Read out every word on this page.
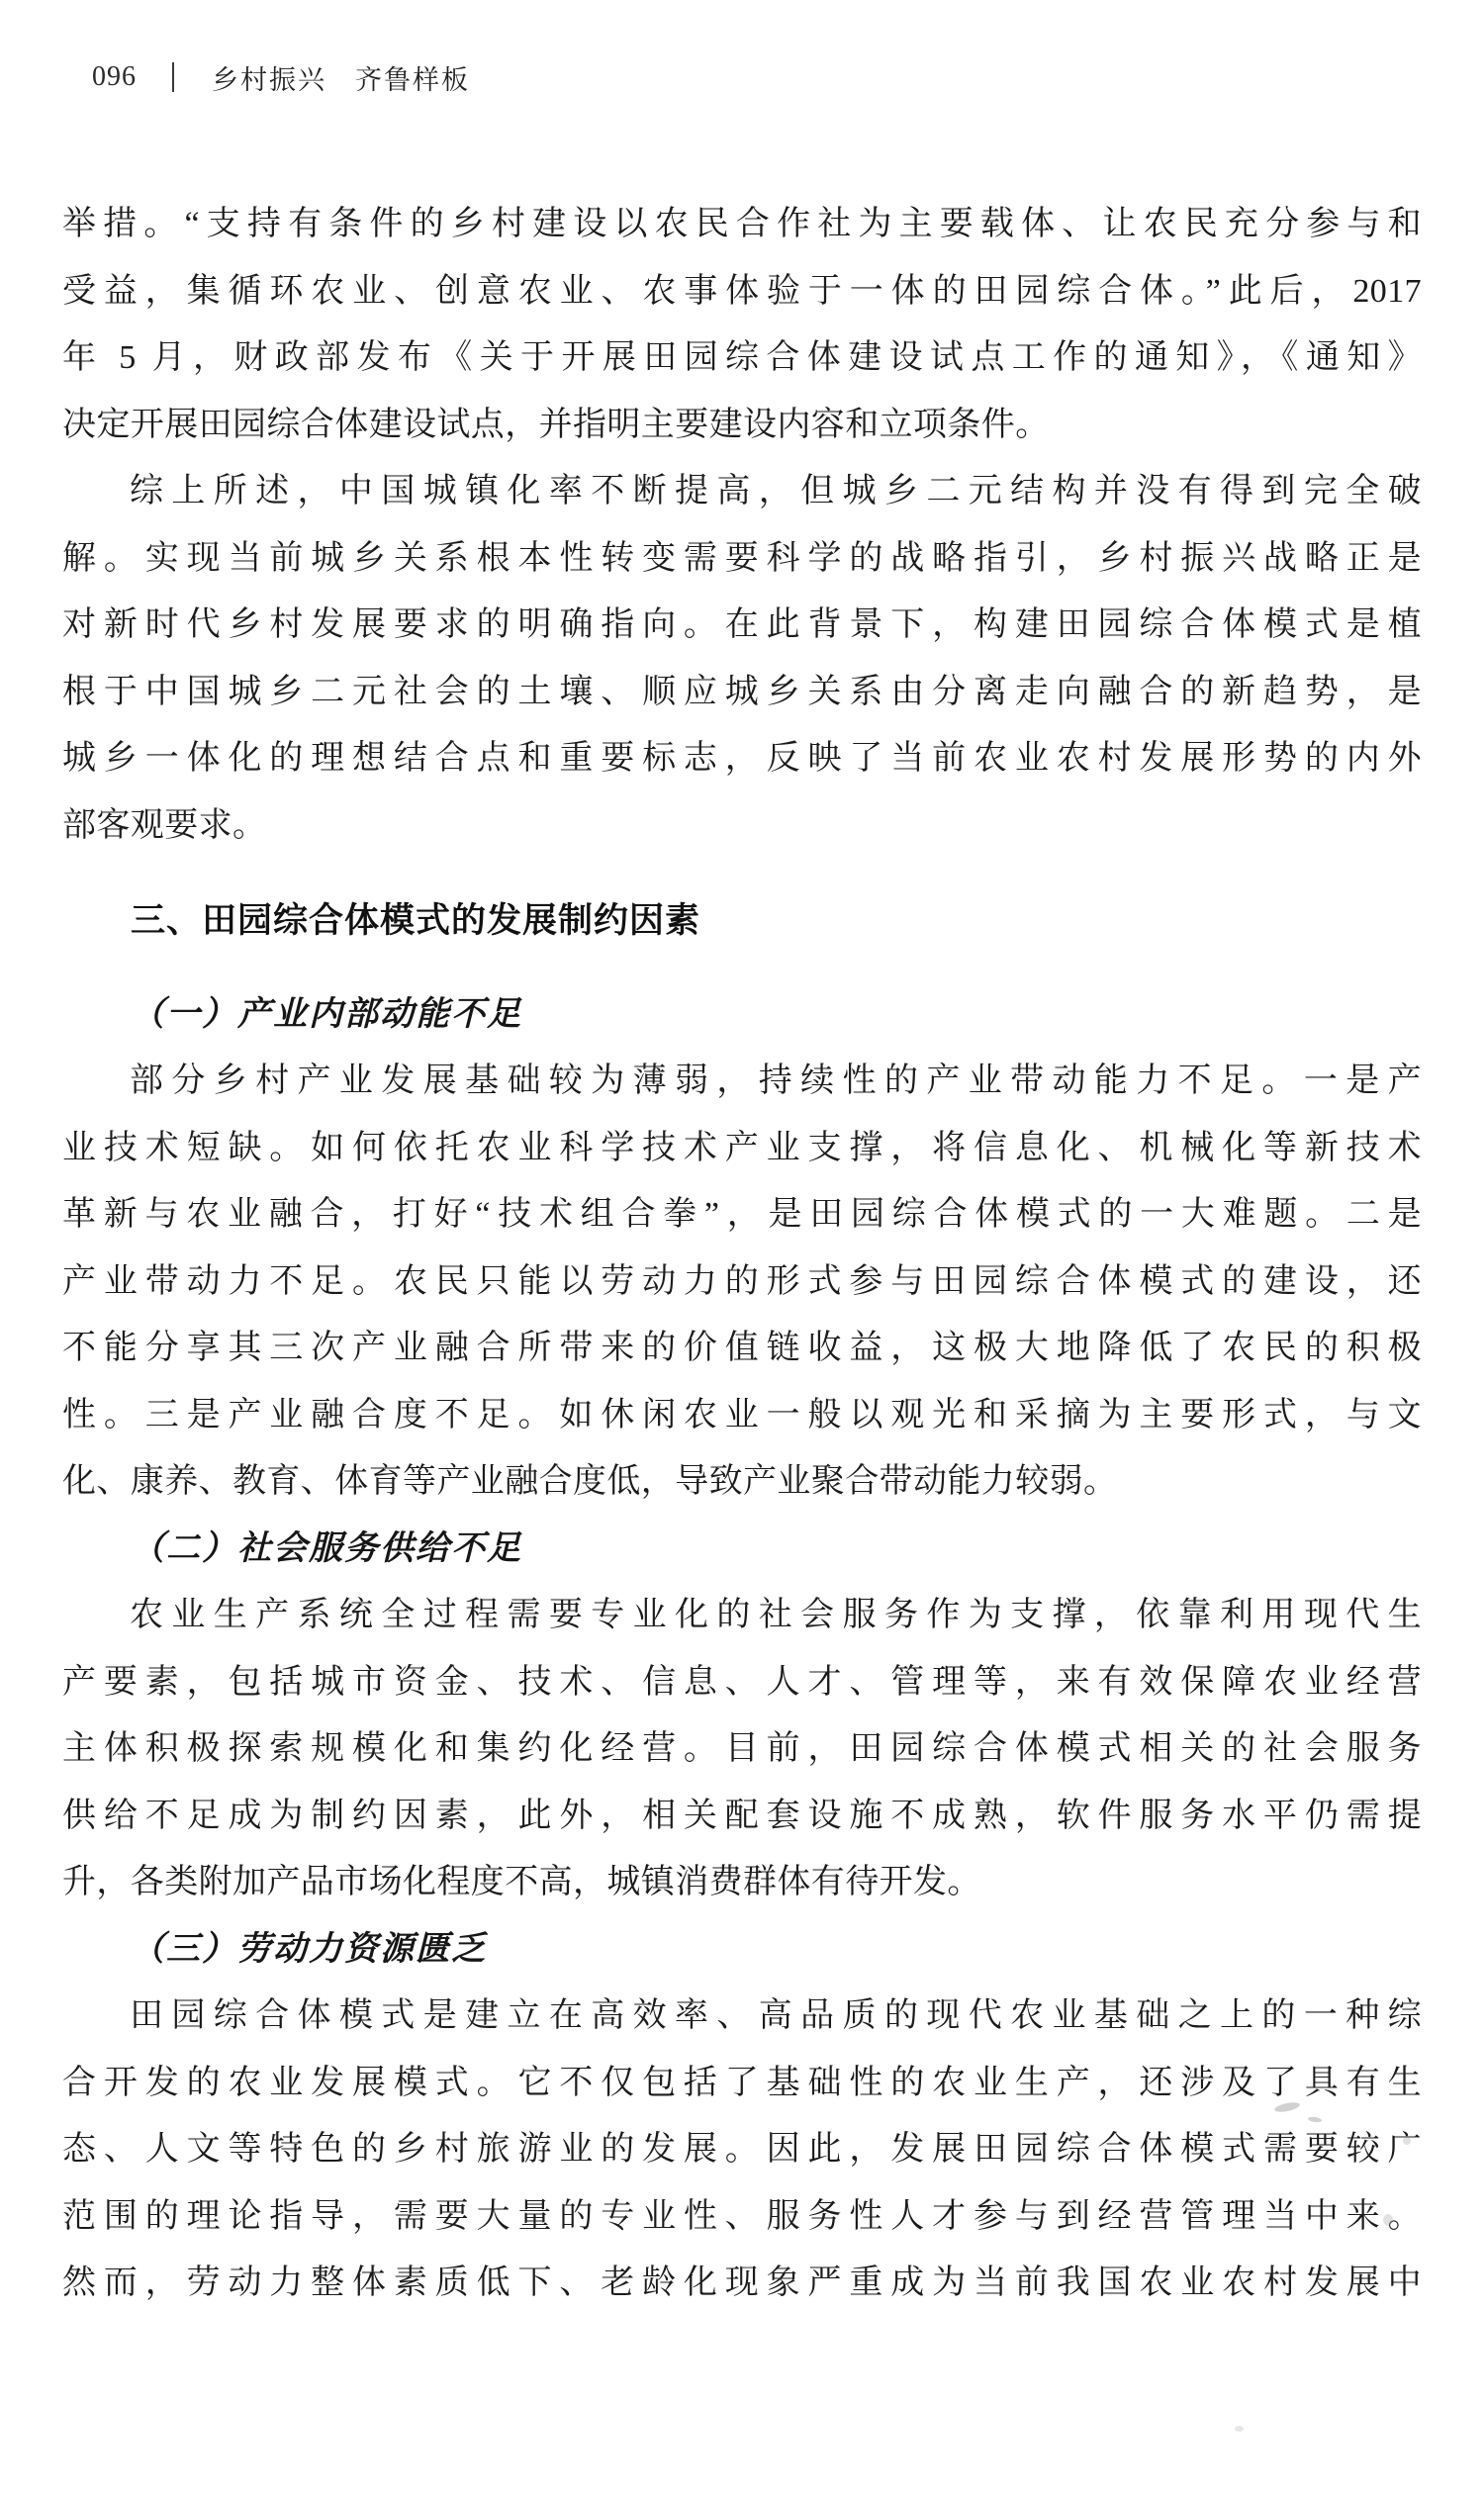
096	乡村振兴　齐鲁样板
举措。“支持有条件的乡村建设以农民合作社为主要载体、让农民充分参与和
受益，集循环农业、创意农业、农事体验于一体的田园综合体。”此后，2017
年 5 月，财政部发布《关于开展田园综合体建设试点工作的通知》，《通知》
决定开展田园综合体建设试点，并指明主要建设内容和立项条件。
综上所述，中国城镇化率不断提高，但城乡二元结构并没有得到完全破
解。实现当前城乡关系根本性转变需要科学的战略指引，乡村振兴战略正是
对新时代乡村发展要求的明确指向。在此背景下，构建田园综合体模式是植
根于中国城乡二元社会的土壤、顺应城乡关系由分离走向融合的新趋势，是
城乡一体化的理想结合点和重要标志，反映了当前农业农村发展形势的内外
部客观要求。
三、田园综合体模式的发展制约因素
（一）产业内部动能不足
部分乡村产业发展基础较为薄弱，持续性的产业带动能力不足。一是产
业技术短缺。如何依托农业科学技术产业支撑，将信息化、机械化等新技术
革新与农业融合，打好“技术组合拳”，是田园综合体模式的一大难题。二是
产业带动力不足。农民只能以劳动力的形式参与田园综合体模式的建设，还
不能分享其三次产业融合所带来的价值链收益，这极大地降低了农民的积极
性。三是产业融合度不足。如休闲农业一般以观光和采摘为主要形式，与文
化、康养、教育、体育等产业融合度低，导致产业聚合带动能力较弱。
（二）社会服务供给不足
农业生产系统全过程需要专业化的社会服务作为支撑，依靠利用现代生
产要素，包括城市资金、技术、信息、人才、管理等，来有效保障农业经营
主体积极探索规模化和集约化经营。目前，田园综合体模式相关的社会服务
供给不足成为制约因素，此外，相关配套设施不成熟，软件服务水平仍需提
升，各类附加产品市场化程度不高，城镇消费群体有待开发。
（三）劳动力资源匮乏
田园综合体模式是建立在高效率、高品质的现代农业基础之上的一种综
合开发的农业发展模式。它不仅包括了基础性的农业生产，还涉及了具有生
态、人文等特色的乡村旅游业的发展。因此，发展田园综合体模式需要较广
范围的理论指导，需要大量的专业性、服务性人才参与到经营管理当中来。
然而，劳动力整体素质低下、老龄化现象严重成为当前我国农业农村发展中
